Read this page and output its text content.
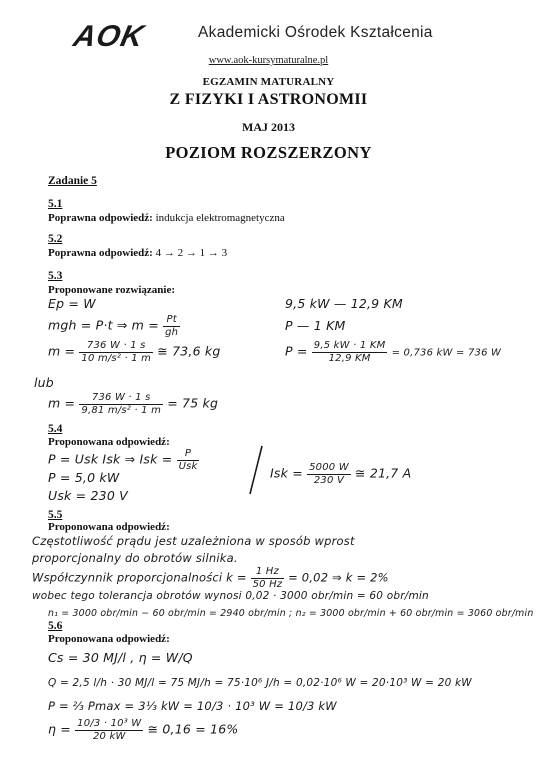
AOK	Akademicki Ośrodek Kształcenia
www.aok-kursymaturalne.pl
EGZAMIN MATURALNY
Z FIZYKI I ASTRONOMII
MAJ 2013
POZIOM ROZSZERZONY
Zadanie 5
5.1
Poprawna odpowiedź: indukcja elektromagnetyczna
5.2
Poprawna odpowiedź: 4 → 2 → 1 → 3
5.3
Proponowane rozwiązanie:
Ep = W
mgh = P·t ⇒ $m = \frac{Pt}{gh}$
$m = \frac{736 W \cdot 1 s}{\text{10 m/s² · 1 m}}$ ≅ 73,6 kg
lub
$m = \frac{736 W \cdot 1 s}{\text{9,81 m/s² · 1 m}} = 75$ kg
9,5 kW — 12,9 KM
P — 1 KM
$P = \frac{9,5 kW \cdot 1 KM}{12,9 KM} = 0,736$ kW = 736 W
5.4
Proponowana odpowiedź:
P = Usk Isk ⇒ Isk = $\frac{P}{\text{Usk}}$
P = 5,0 kW
Usk = 230 V
Isk = $\frac{5000 W}{230 V}$ ≅ 21,7 A
5.5
Proponowana odpowiedź:
Częstotliwość prądu jest uzależniona w sposób wprost
proporcjonalny do obrotów silnika.
Współczynnik proporcjonalności $k = \frac{1 Hz}{50 Hz} = 0,02$ ⇒ k = 2%
wobec tego tolerancja obrotów wynosi 0,02 · 3000 obr/min = 60 obr/min
n₁ = 3000 obr/min − 60 obr/min = 2940 obr/min ; n₂ = 3000 obr/min + 60 obr/min = 3060 obr/min
5.6
Proponowana odpowiedź:
Cs = 30 MJ/l , η = W/Q
Q = 2,5 l/h · 30 MJ/l = 75 MJ/h = 75·10⁶ J/h = 0,02·10⁶ W = 20·10³ W = 20 kW
P = ⅔ Pmax = 3⅓ kW = 10/3 · 10³ W = 10/3 kW
$\eta = \frac{\text{10/3 · 10³ W}}{20 kW}$ ≅ 0,16 = 16%
